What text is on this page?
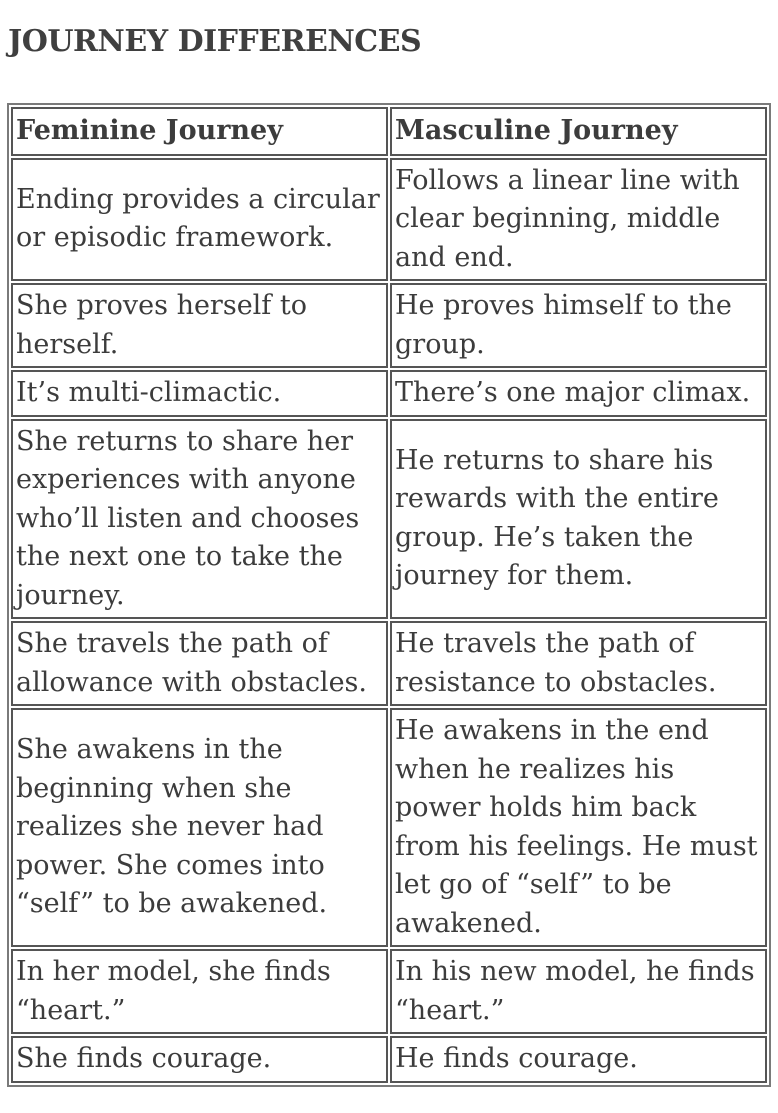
JOURNEY DIFFERENCES
Feminine Journey	Masculine Journey
Ending provides a circular or episodic framework.	Follows a linear line with clear beginning, middle and end.
She proves herself to herself.	He proves himself to the group.
It’s multi-climactic.	There’s one major climax.
She returns to share her experiences with anyone who’ll listen and chooses the next one to take the journey.	He returns to share his rewards with the entire group. He’s taken the journey for them.
She travels the path of allowance with obstacles.	He travels the path of resistance to obstacles.
She awakens in the beginning when she realizes she never had power. She comes into “self” to be awakened.	He awakens in the end when he realizes his power holds him back from his feelings. He must let go of “self” to be awakened.
In her model, she finds “heart.”	In his new model, he finds “heart.”
She finds courage.	He finds courage.
